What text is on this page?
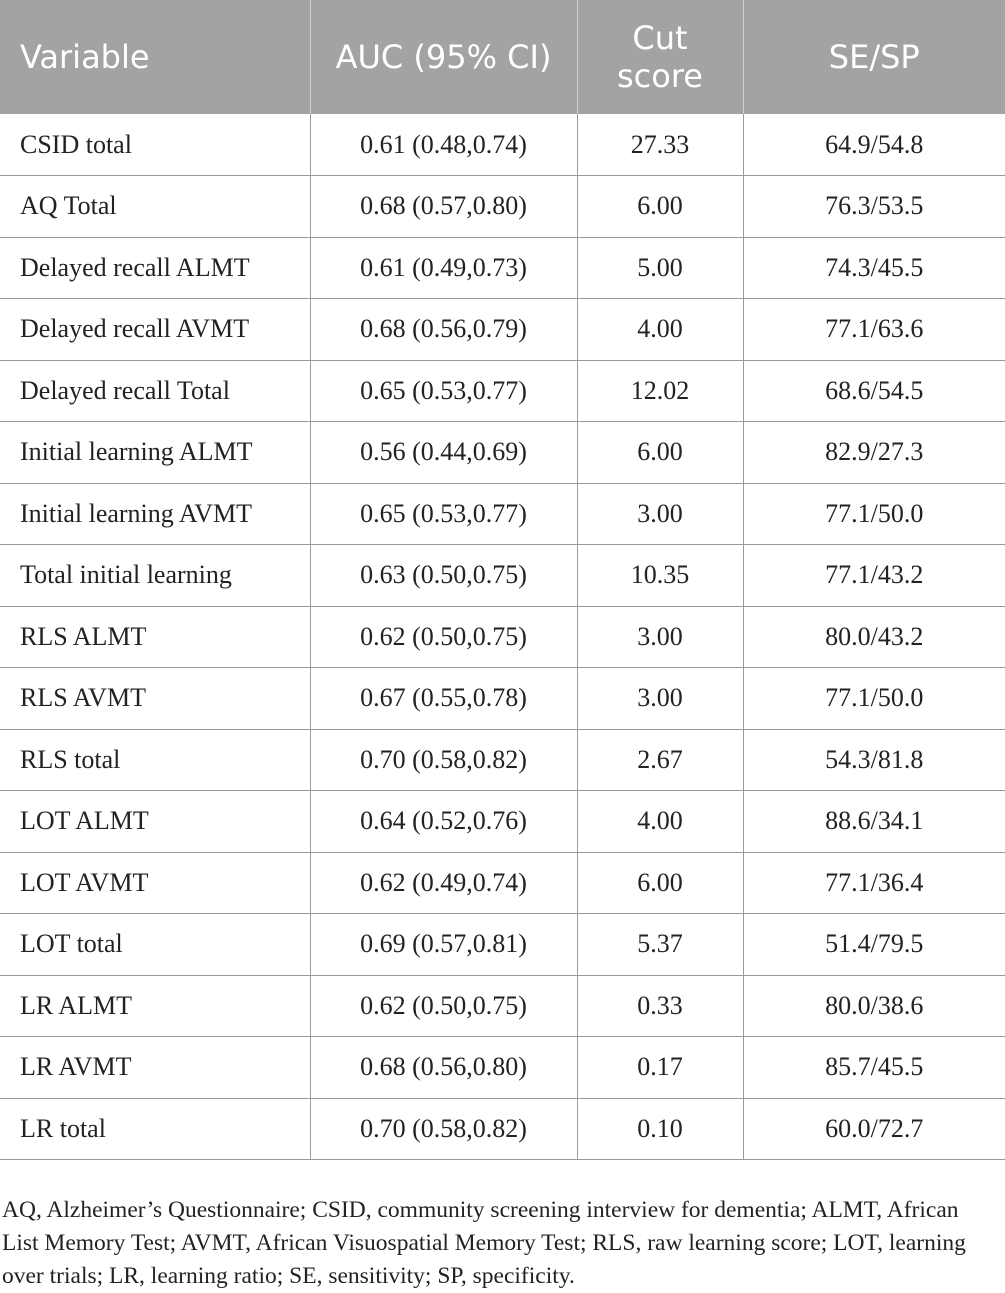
Variable	AUC (95% CI)	Cut score	SE/SP
CSID total	0.61 (0.48,0.74)	27.33	64.9/54.8
AQ Total	0.68 (0.57,0.80)	6.00	76.3/53.5
Delayed recall ALMT	0.61 (0.49,0.73)	5.00	74.3/45.5
Delayed recall AVMT	0.68 (0.56,0.79)	4.00	77.1/63.6
Delayed recall Total	0.65 (0.53,0.77)	12.02	68.6/54.5
Initial learning ALMT	0.56 (0.44,0.69)	6.00	82.9/27.3
Initial learning AVMT	0.65 (0.53,0.77)	3.00	77.1/50.0
Total initial learning	0.63 (0.50,0.75)	10.35	77.1/43.2
RLS ALMT	0.62 (0.50,0.75)	3.00	80.0/43.2
RLS AVMT	0.67 (0.55,0.78)	3.00	77.1/50.0
RLS total	0.70 (0.58,0.82)	2.67	54.3/81.8
LOT ALMT	0.64 (0.52,0.76)	4.00	88.6/34.1
LOT AVMT	0.62 (0.49,0.74)	6.00	77.1/36.4
LOT total	0.69 (0.57,0.81)	5.37	51.4/79.5
LR ALMT	0.62 (0.50,0.75)	0.33	80.0/38.6
LR AVMT	0.68 (0.56,0.80)	0.17	85.7/45.5
LR total	0.70 (0.58,0.82)	0.10	60.0/72.7

AQ, Alzheimer’s Questionnaire; CSID, community screening interview for dementia; ALMT, African List Memory Test; AVMT, African Visuospatial Memory Test; RLS, raw learning score; LOT, learning over trials; LR, learning ratio; SE, sensitivity; SP, specificity.
